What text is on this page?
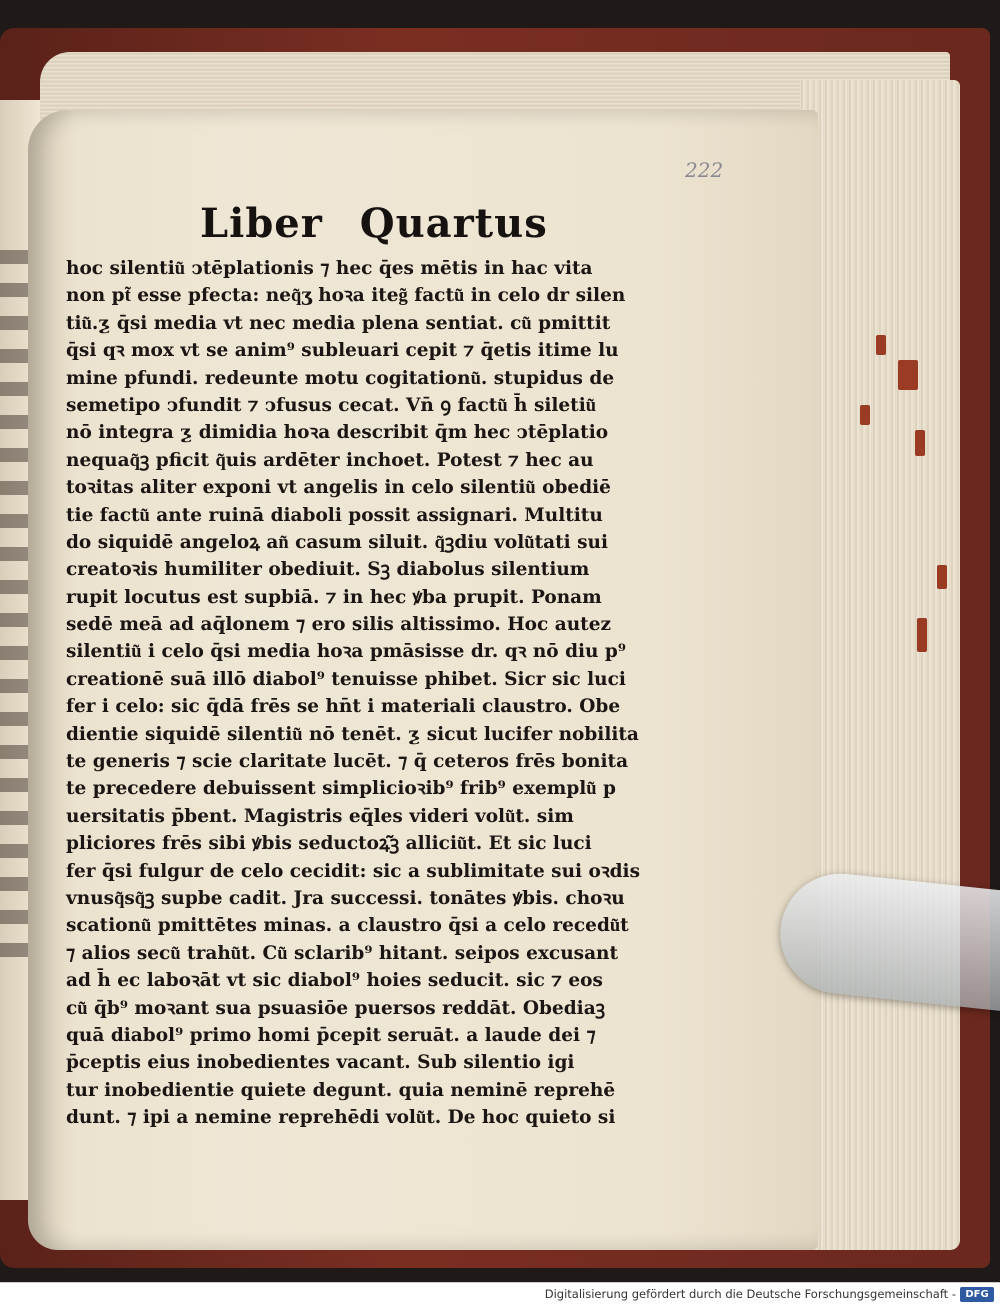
222
Liber Quartus
hoc silentiu͂ ↄtēplationis ⁊ hec q̄es mētis in hac vita
non pt͂ esse pfecta: neq͂ʒ hoꝛa iteg͂ factu͂ in celo dr silen
tiu͂.ƺ q̄si media vt nec media plena sentiat. cu͂ pmittit
q̄si qꝛ mox vt se anim⁹ subleuari cepit ⁊ q̄etis itime lu
mine pfundi. redeunte motu cogitationu͂. stupidus de
semetipo ↄfundit ⁊ ↄfusus cecat. Vn̄ ꝯ factu͂ h̄ siletiu͂
nō integra ƺ dimidia hoꝛa describit q̄m hec ↄtēplatio
nequaq͂ꝫ pficit q͂uis ardēter inchoet. Potest ⁊ hec au
toꝛitas aliter exponi vt angelis in celo silentiu͂ obediē
tie factu͂ ante ruinā diaboli possit assignari. Multitu
do siquidē angeloꝝ an͂ casum siluit. q͂ꝫdiu volu͂tati sui
creatoꝛis humiliter obediuit. Sꝫ diabolus silentium
rupit locutus est supbiā. ⁊ in hec ꝟba prupit. Ponam
sedē meā ad aq̄lonem ⁊ ero silis altissimo. Hoc autez
silentiu͂ i celo q̄si media hoꝛa pmāsisse dr. qꝛ nō diu p⁹
creationē suā illō diabol⁹ tenuisse phibet. Sicr sic luci
fer i celo: sic q̄dā frēs se hn̄t i materiali claustro. Obe
dientie siquidē silentiu͂ nō tenēt. ƺ sicut lucifer nobilita
te generis ⁊ scie claritate lucēt. ⁊ q̄ ceteros frēs bonita
te precedere debuissent simplicioꝛib⁹ frib⁹ exemplu͂ p
uersitatis p̄bent. Magistris eq̄les videri volu͂t. sim
pliciores frēs sibi ꝟbis seductoꝝ͂ꝫ alliciu͂t. Et sic luci
fer q̄si fulgur de celo cecidit: sic a sublimitate sui oꝛdis
vnusq͂sq͂ꝫ supbe cadit. Jra successi. tonātes ꝟbis. choꝛu
scationu͂ pmittētes minas. a claustro q̄si a celo recedu͂t
⁊ alios secu͂ trahu͂t. Cu͂ sclarib⁹ hitant. seipos excusant
ad h̄ ec laboꝛāt vt sic diabol⁹ hoies seducit. sic ⁊ eos
cu͂ q̄b⁹ moꝛant sua psuasiōe puersos reddāt. Obediaꝫ
quā diabol⁹ primo homi p̄cepit seruāt. a laude dei ⁊
p̄ceptis eius inobedientes vacant. Sub silentio igi
tur inobedientie quiete degunt. quia neminē reprehē
dunt. ⁊ ipi a nemine reprehēdi volu͂t. De hoc quieto si
Digitalisierung gefördert durch die Deutsche Forschungsgemeinschaft - DFG
